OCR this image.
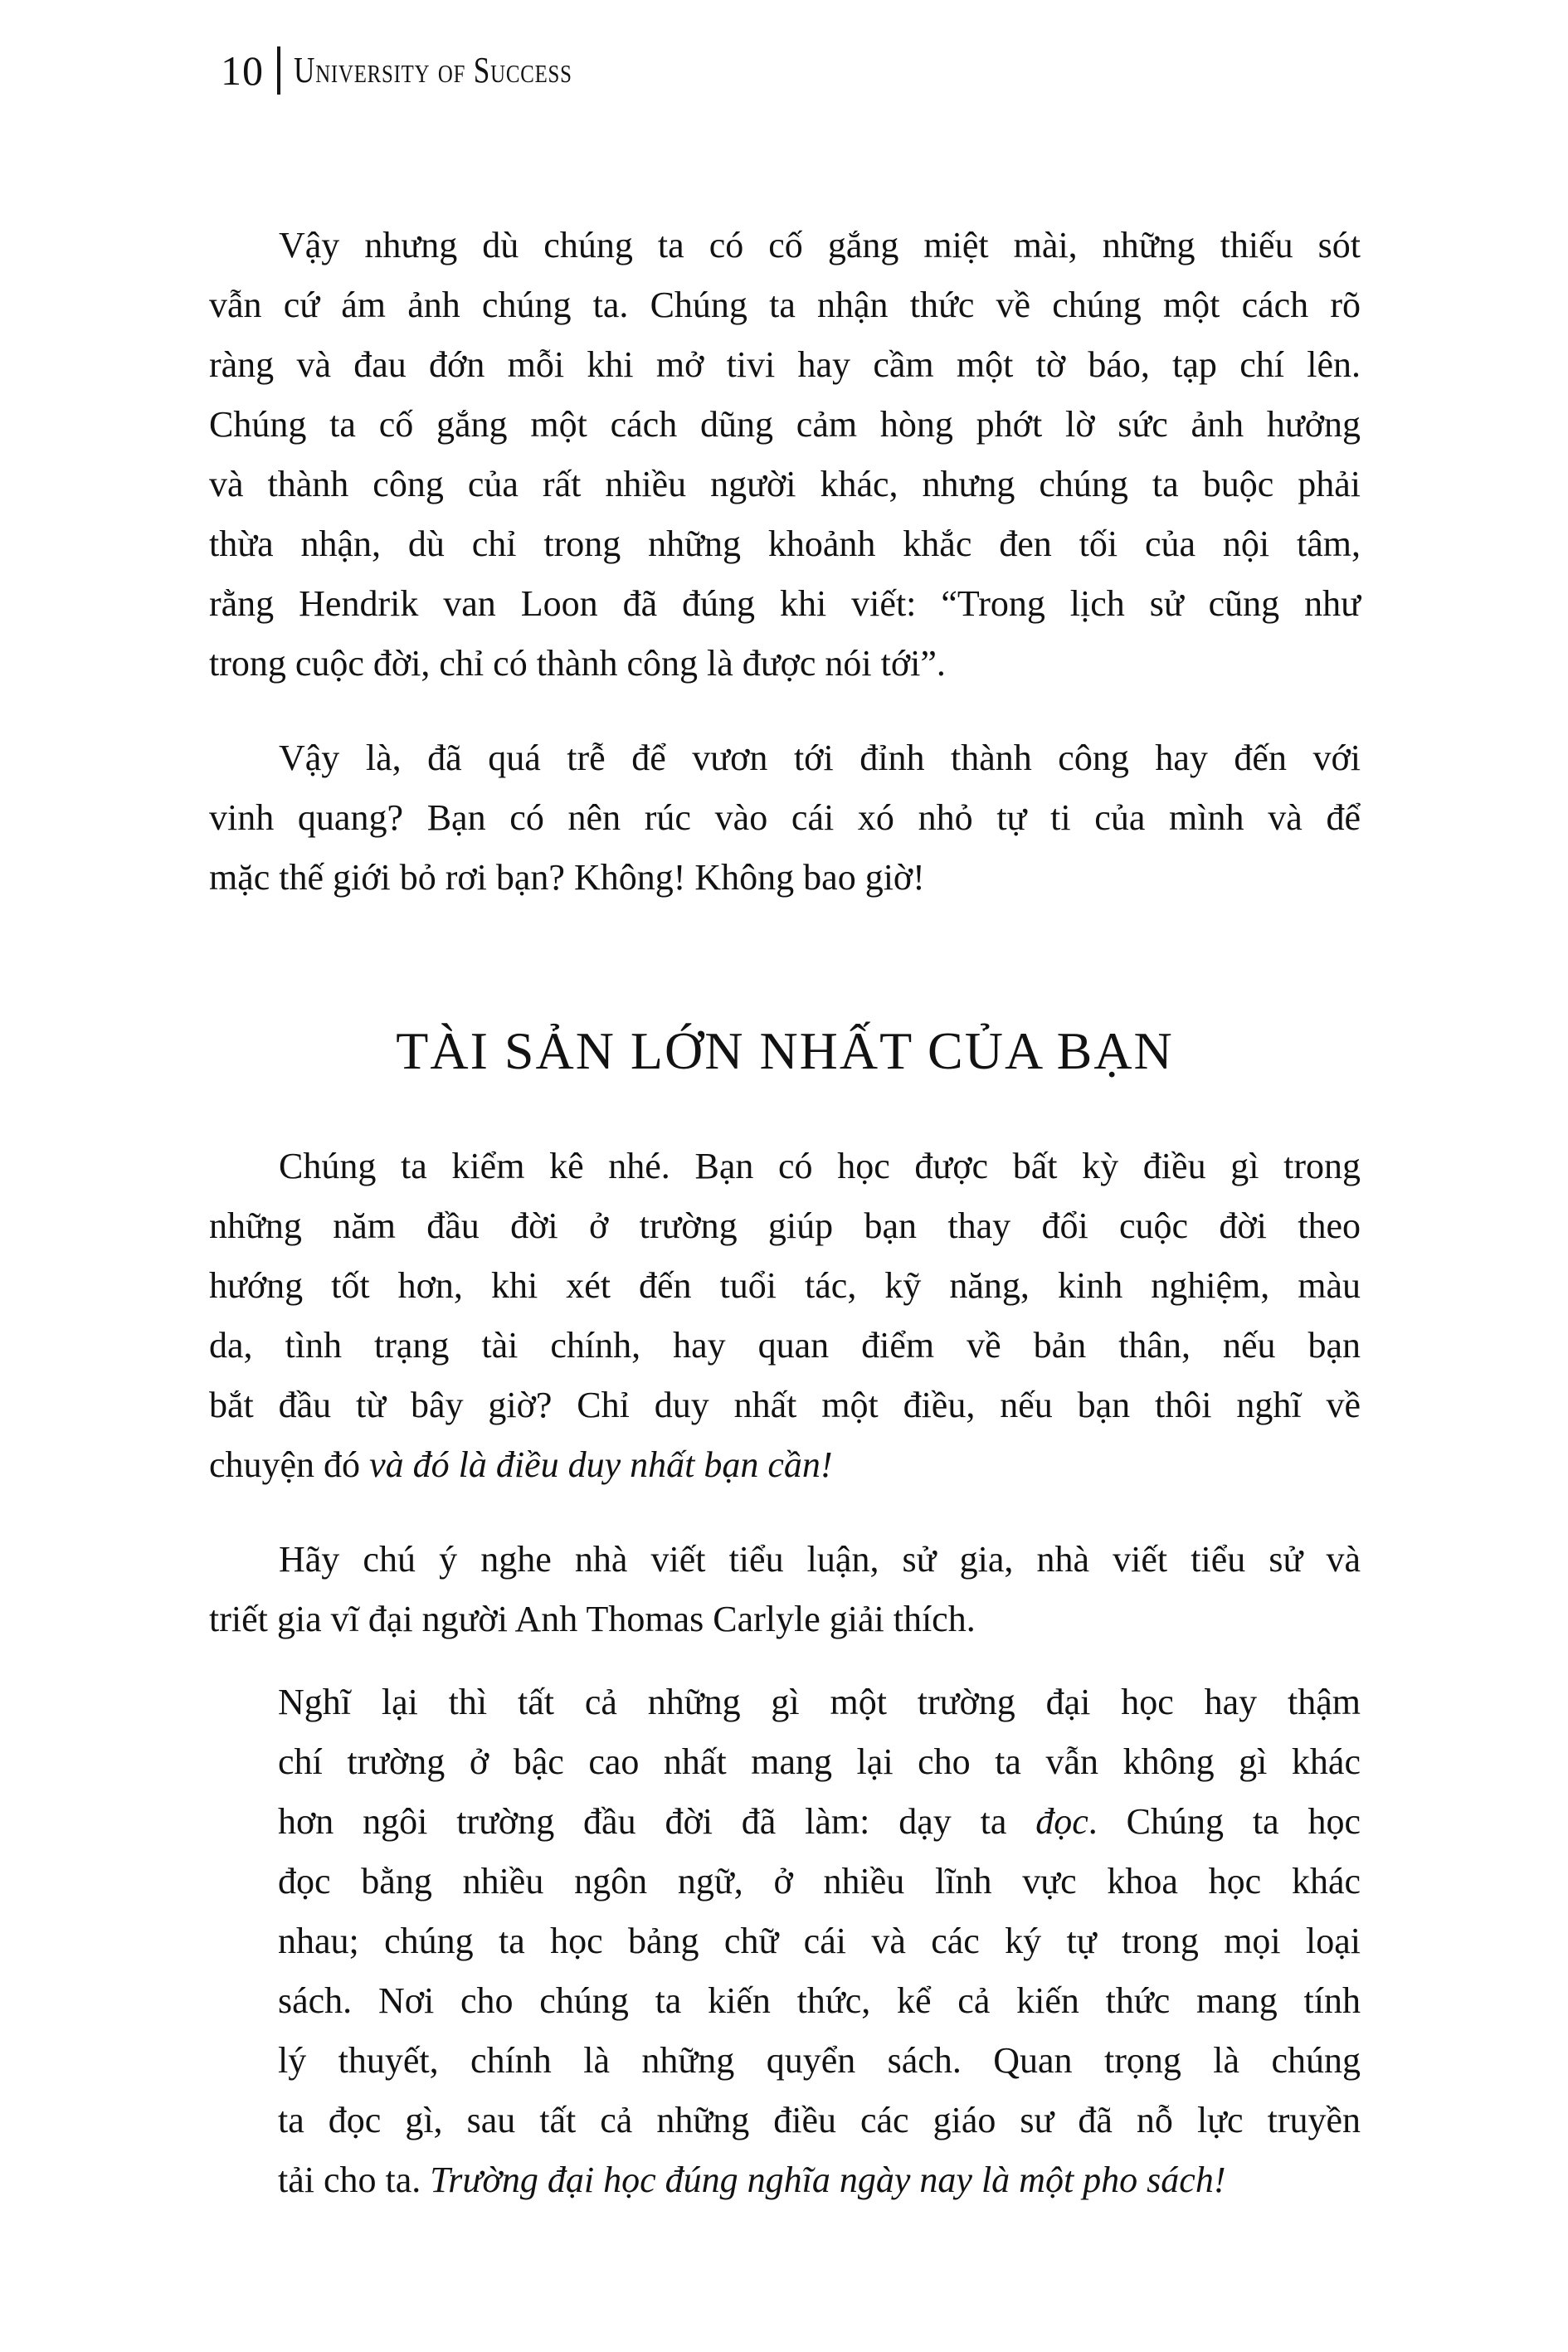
10 University of Success
Vậy nhưng dù chúng ta có cố gắng miệt mài, những thiếu sót
vẫn cứ ám ảnh chúng ta. Chúng ta nhận thức về chúng một cách rõ
ràng và đau đớn mỗi khi mở tivi hay cầm một tờ báo, tạp chí lên.
Chúng ta cố gắng một cách dũng cảm hòng phớt lờ sức ảnh hưởng
và thành công của rất nhiều người khác, nhưng chúng ta buộc phải
thừa nhận, dù chỉ trong những khoảnh khắc đen tối của nội tâm,
rằng Hendrik van Loon đã đúng khi viết: “Trong lịch sử cũng như
trong cuộc đời, chỉ có thành công là được nói tới”.
Vậy là, đã quá trễ để vươn tới đỉnh thành công hay đến với
vinh quang? Bạn có nên rúc vào cái xó nhỏ tự ti của mình và để
mặc thế giới bỏ rơi bạn? Không! Không bao giờ!
TÀI SẢN LỚN NHẤT CỦA BẠN
Chúng ta kiểm kê nhé. Bạn có học được bất kỳ điều gì trong
những năm đầu đời ở trường giúp bạn thay đổi cuộc đời theo
hướng tốt hơn, khi xét đến tuổi tác, kỹ năng, kinh nghiệm, màu
da, tình trạng tài chính, hay quan điểm về bản thân, nếu bạn
bắt đầu từ bây giờ? Chỉ duy nhất một điều, nếu bạn thôi nghĩ về
chuyện đó và đó là điều duy nhất bạn cần!
Hãy chú ý nghe nhà viết tiểu luận, sử gia, nhà viết tiểu sử và
triết gia vĩ đại người Anh Thomas Carlyle giải thích.
Nghĩ lại thì tất cả những gì một trường đại học hay thậm
chí trường ở bậc cao nhất mang lại cho ta vẫn không gì khác
hơn ngôi trường đầu đời đã làm: dạy ta đọc. Chúng ta học
đọc bằng nhiều ngôn ngữ, ở nhiều lĩnh vực khoa học khác
nhau; chúng ta học bảng chữ cái và các ký tự trong mọi loại
sách. Nơi cho chúng ta kiến thức, kể cả kiến thức mang tính
lý thuyết, chính là những quyển sách. Quan trọng là chúng
ta đọc gì, sau tất cả những điều các giáo sư đã nỗ lực truyền
tải cho ta. Trường đại học đúng nghĩa ngày nay là một pho sách!
